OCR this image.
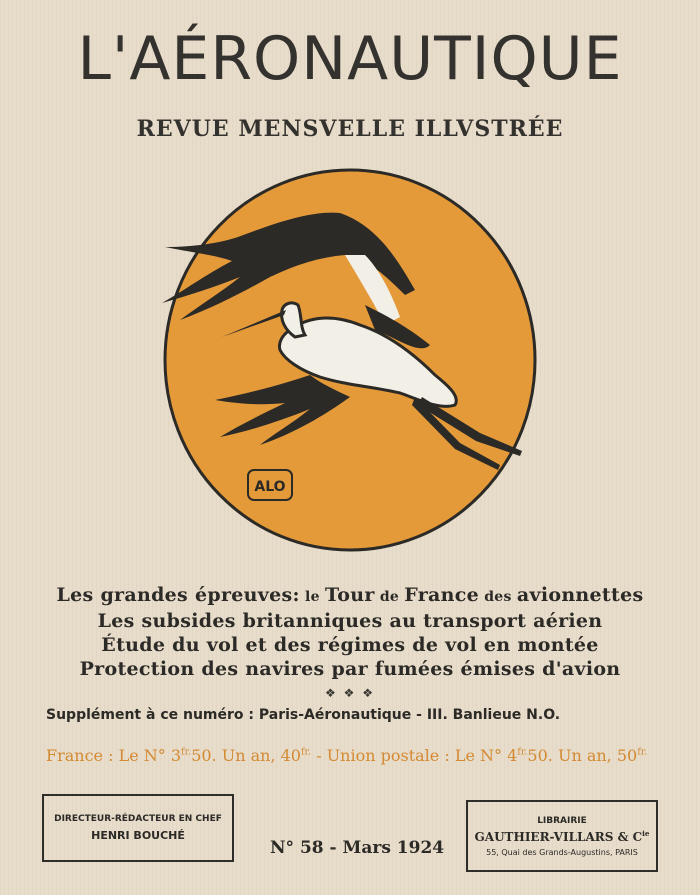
L'AÉRONAUTIQUE
REVUE MENSVELLE ILLVSTRÉE
ALO
Les grandes épreuves: le Tour de France des avionnettes
Les subsides britanniques au transport aérien
Étude du vol et des régimes de vol en montée
Protection des navires par fumées émises d'avion
❖ ❖ ❖
Supplément à ce numéro : Paris-Aéronautique - III. Banlieue N.O.
France : Le N° $3^{fr.}50$. Un an, $40^{fr.}$ - Union postale : Le N° $4^{fr.}50$. Un an, $50^{fr.}$
DIRECTEUR-RÉDACTEUR EN CHEF
HENRI BOUCHÉ
N° 58 - Mars 1924
LIBRAIRIE
GAUTHIER-VILLARS & $C^{ie}$
55, Quai des Grands-Augustins, PARIS
